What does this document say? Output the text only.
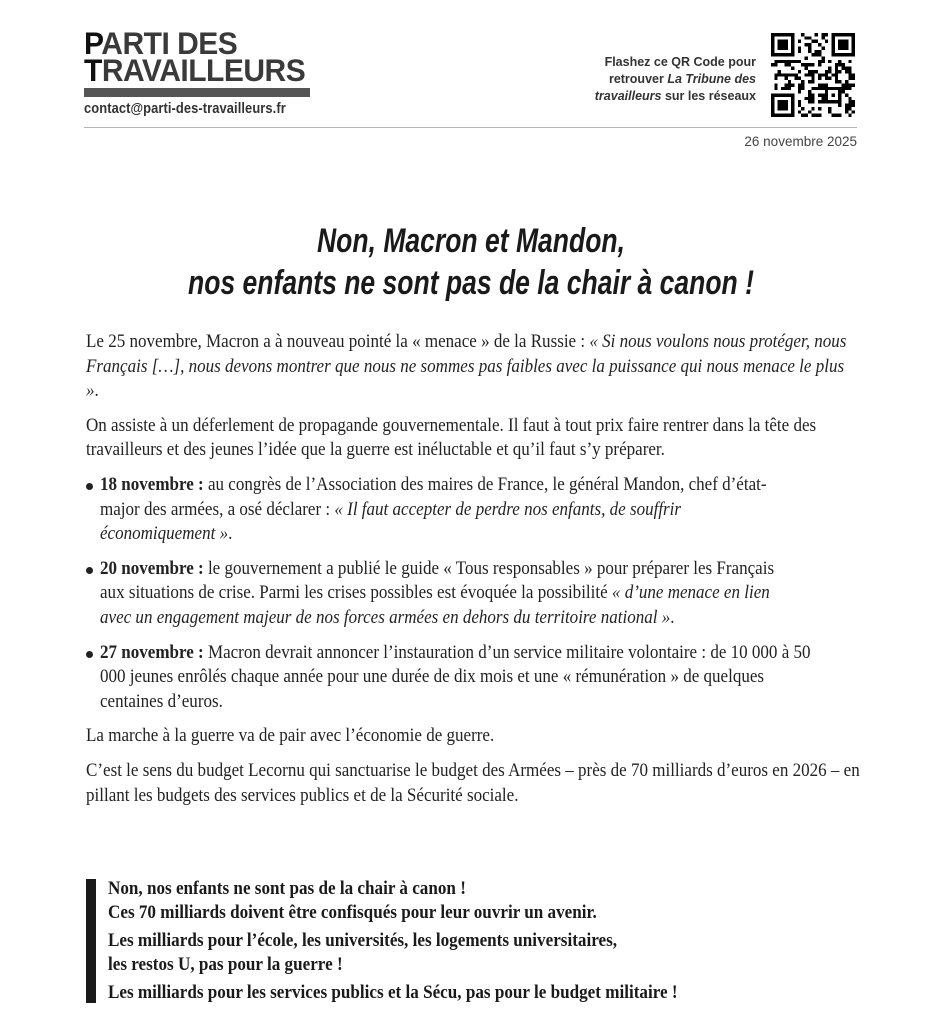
PARTI DES
TRAVAILLEURS
contact@parti-des-travailleurs.fr
Flashez ce QR Code pour
retrouver La Tribune des
travailleurs sur les réseaux
26 novembre 2025
Non, Macron et Mandon,
nos enfants ne sont pas de la chair à canon !

Le 25 novembre, Macron a à nouveau pointé la « menace » de la Russie : « Si nous voulons nous protéger, nous Français […], nous devons montrer que nous ne sommes pas faibles avec la puissance qui nous menace le plus ».

On assiste à un déferlement de propagande gouvernementale. Il faut à tout prix faire rentrer dans la tête des travailleurs et des jeunes l’idée que la guerre est inéluctable et qu’il faut s’y préparer.

18 novembre : au congrès de l’Association des maires de France, le général Mandon, chef d’état-major des armées, a osé déclarer : « Il faut accepter de perdre nos enfants, de souffrir économiquement ».
20 novembre : le gouvernement a publié le guide « Tous responsables » pour préparer les Français aux situations de crise. Parmi les crises possibles est évoquée la possibilité « d’une menace en lien avec un engagement majeur de nos forces armées en dehors du territoire national ».
27 novembre : Macron devrait annoncer l’instauration d’un service militaire volontaire : de 10 000 à 50 000 jeunes enrôlés chaque année pour une durée de dix mois et une « rémunération » de quelques centaines d’euros.

La marche à la guerre va de pair avec l’économie de guerre.

C’est le sens du budget Lecornu qui sanctuarise le budget des Armées – près de 70 milliards d’euros en 2026 – en pillant les budgets des services publics et de la Sécurité sociale.

Non, nos enfants ne sont pas de la chair à canon !
Ces 70 milliards doivent être confisqués pour leur ouvrir un avenir.
Les milliards pour l’école, les universités, les logements universitaires,
les restos U, pas pour la guerre !
Les milliards pour les services publics et la Sécu, pas pour le budget militaire !
